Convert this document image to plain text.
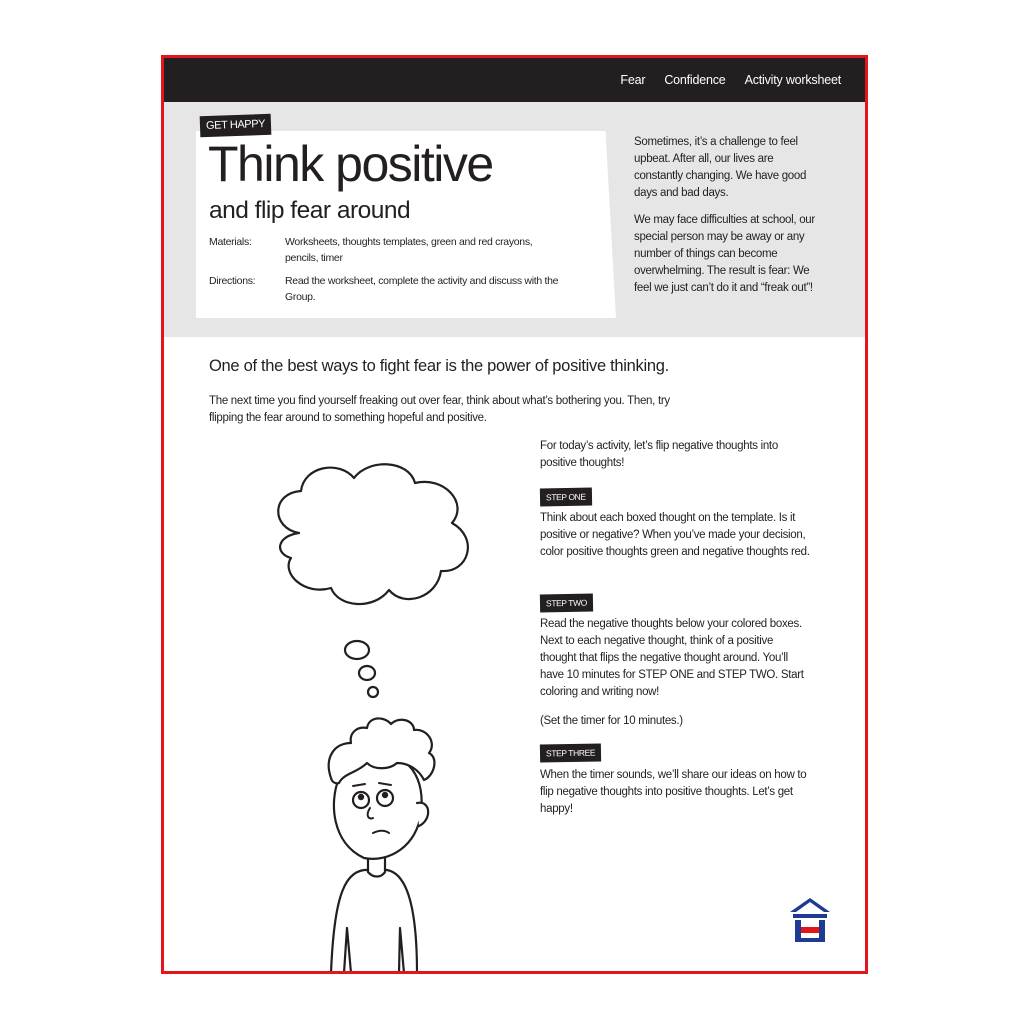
Fear Confidence Activity worksheet
GET HAPPY
Think positive
and flip fear around
Materials:	Worksheets, thoughts templates, green and red crayons, pencils, timer
Directions:	Read the worksheet, complete the activity and discuss with the Group.
Sometimes, it’s a challenge to feel upbeat. After all, our lives are constantly changing. We have good days and bad days.
We may face difficulties at school, our special person may be away or any number of things can become overwhelming. The result is fear: We feel we just can’t do it and “freak out”!
One of the best ways to fight fear is the power of positive thinking.
The next time you find yourself freaking out over fear, think about what’s bothering you. Then, try flipping the fear around to something hopeful and positive.
For today’s activity, let’s flip negative thoughts into positive thoughts!
STEP ONE
Think about each boxed thought on the template. Is it positive or negative? When you’ve made your decision, color positive thoughts green and negative thoughts red.
STEP TWO
Read the negative thoughts below your colored boxes. Next to each negative thought, think of a positive thought that flips the negative thought around. You’ll have 10 minutes for STEP ONE and STEP TWO. Start coloring and writing now!
(Set the timer for 10 minutes.)
STEP THREE
When the timer sounds, we’ll share our ideas on how to flip negative thoughts into positive thoughts. Let’s get happy!
